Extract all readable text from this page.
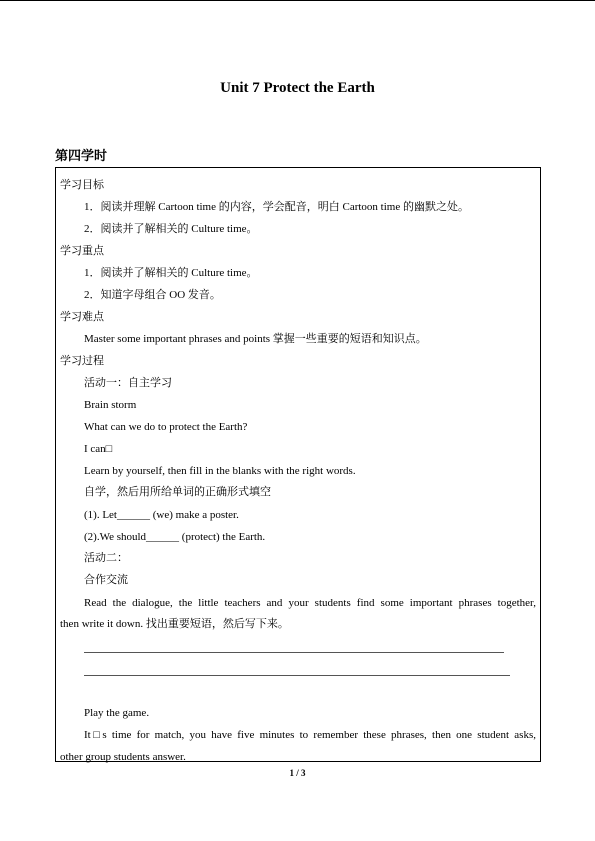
Unit 7 Protect the Earth
第四学时
学习目标
1．阅读并理解 Cartoon time 的内容，学会配音，明白 Cartoon time 的幽默之处。
2．阅读并了解相关的 Culture time。
学习重点
1．阅读并了解相关的 Culture time。
2．知道字母组合 OO 发音。
学习难点
Master some important phrases and points 掌握一些重要的短语和知识点。
学习过程
活动一：自主学习
Brain storm
What can we do to protect the Earth?
I can□
Learn by yourself, then fill in the blanks with the right words.
自学，然后用所给单词的正确形式填空
(1). Let______ (we) make a poster.
(2).We should______ (protect) the Earth.
活动二：
合作交流
Read the dialogue, the little teachers and your students find some important phrases together,
then write it down. 找出重要短语，然后写下来。
Play the game.
It□s time for match, you have five minutes to remember these phrases, then one student asks,
other group students answer.
1 / 3
